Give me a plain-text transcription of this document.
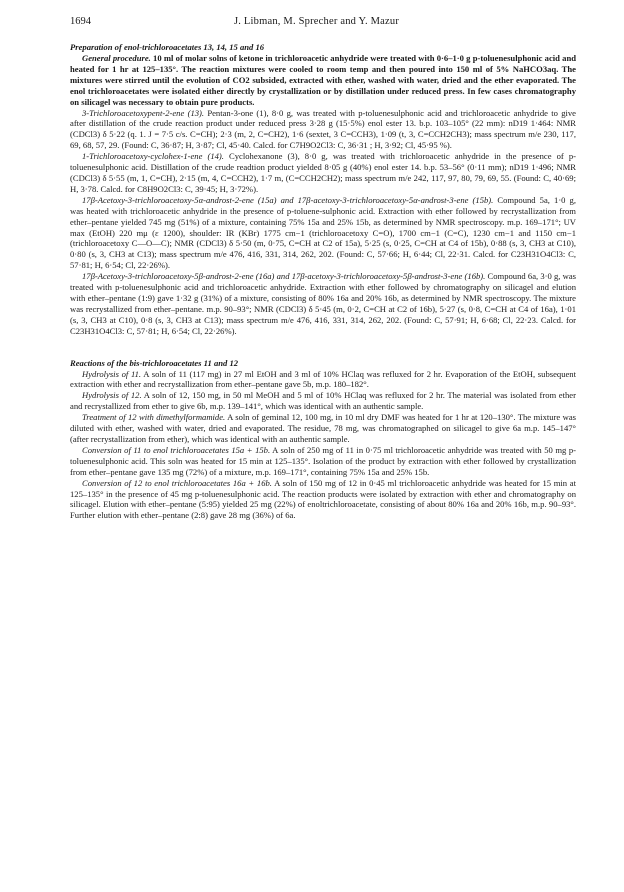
1694	J. Libman, M. Sprecher and Y. Mazur
Preparation of enol-trichloroacetates 13, 14, 15 and 16

General procedure. 10 ml of molar solns of ketone in trichloroacetic anhydride were treated with 0·6–1·0 g p-toluenesulphonic acid and heated for 1 hr at 125–135°. The reaction mixtures were cooled to room temp and then poured into 150 ml of 5% NaHCO3aq. The mixtures were stirred until the evolution of CO2 subsided, extracted with ether, washed with water, dried and the ether evaporated. The enol trichloroacetates were isolated either directly by crystallization or by distillation under reduced press. In few cases chromatography on silicagel was necessary to obtain pure products.

3-Trichloroacetoxypent-2-ene (13). Pentan-3-one (1), 8·0 g, was treated with p-toluenesulphonic acid and trichloroacetic anhydride to give after distillation of the crude reaction product under reduced press 3·28 g (15·5%) enol ester 13. b.p. 103–105° (22 mm): nD19 1·464: NMR (CDCl3) δ 5·22 (q. 1. J = 7·5 c/s. C=CH); 2·3 (m, 2, C=CH2), 1·6 (sextet, 3 C=CCH3), 1·09 (t, 3, C=CCH2CH3); mass spectrum m/e 230, 117, 69, 68, 57, 29. (Found: C, 36·87; H, 3·87; Cl, 45·40. Calcd. for C7H9O2Cl3: C, 36·31 ; H, 3·92; Cl, 45·95 %).

1-Trichloroacetoxy-cyclohex-1-ene (14). Cyclohexanone (3), 8·0 g, was treated with trichloroacetic anhydride in the presence of p-toluenesulphonic acid. Distillation of the crude readtion product yielded 8·05 g (40%) enol ester 14. b.p. 53–56° (0·11 mm); nD19 1·496; NMR (CDCl3) δ 5·55 (m, 1, C=CH), 2·15 (m, 4, C=CCH2), 1·7 m, (C=CCH2CH2); mass spectrum m/e 242, 117, 97, 80, 79, 69, 55. (Found: C, 40·69; H, 3·78. Calcd. for C8H9O2Cl3: C, 39·45; H, 3·72%).

17β-Acetoxy-3-trichloroacetoxy-5α-androst-2-ene (15a) and 17β-acetoxy-3-trichloroacetoxy-5α-androst-3-ene (15b). Compound 5a, 1·0 g, was heated with trichloroacetic anhydride in the presence of p-toluene-sulphonic acid. Extraction with ether followed by recrystallization from ether–pentane yielded 745 mg (51%) of a mixture, containing 75% 15a and 25% 15b, as determined by NMR spectroscopy. m.p. 169–171°; UV max (EtOH) 220 mμ (ε 1200), shoulder: IR (KBr) 1775 cm−1 (trichloroacetoxy C=O), 1700 cm−1 (C=C), 1230 cm−1 and 1150 cm−1 (trichloroacetoxy C—O—C); NMR (CDCl3) δ 5·50 (m, 0·75, C=CH at C2 of 15a), 5·25 (s, 0·25, C=CH at C4 of 15b), 0·88 (s, 3, CH3 at C10), 0·80 (s, 3, CH3 at C13); mass spectrum m/e 476, 416, 331, 314, 262, 202. (Found: C, 57·66; H, 6·44; Cl, 22·31. Calcd. for C23H31O4Cl3: C, 57·81; H, 6·54; Cl, 22·26%).

17β-Acetoxy-3-trichloroacetoxy-5β-androst-2-ene (16a) and 17β-acetoxy-3-trichloroacetoxy-5β-androst-3-ene (16b). Compound 6a, 3·0 g, was treated with p-toluenesulphonic acid and trichloroacetic anhydride. Extraction with ether followed by chromatography on silicagel and elution with ether–pentane (1:9) gave 1·32 g (31%) of a mixture, consisting of 80% 16a and 20% 16b, as determined by NMR spectroscopy. The mixture was recrystallized from ether–pentane. m.p. 90–93°; NMR (CDCl3) δ 5·45 (m, 0·2, C=CH at C2 of 16b), 5·27 (s, 0·8, C=CH at C4 of 16a), 1·01 (s, 3, CH3 at C10), 0·8 (s, 3, CH3 at C13); mass spectrum m/e 476, 416, 331, 314, 262, 202. (Found: C, 57·91; H, 6·68; Cl, 22·23. Calcd. for C23H31O4Cl3: C, 57·81; H, 6·54; Cl, 22·26%).

Reactions of the bis-trichloroacetates 11 and 12

Hydrolysis of 11. A soln of 11 (117 mg) in 27 ml EtOH and 3 ml of 10% HClaq was refluxed for 2 hr. Evaporation of the EtOH, subsequent extraction with ether and recrystallization from ether–pentane gave 5b, m.p. 180–182°.

Hydrolysis of 12. A soln of 12, 150 mg, in 50 ml MeOH and 5 ml of 10% HClaq was refluxed for 2 hr. The material was isolated from ether and recrystallized from ether to give 6b, m.p. 139–141°, which was identical with an authentic sample.

Treatment of 12 with dimethylformamide. A soln of geminal 12, 100 mg, in 10 ml dry DMF was heated for 1 hr at 120–130°. The mixture was diluted with ether, washed with water, dried and evaporated. The residue, 78 mg, was chromatographed on silicagel to give 6a m.p. 145–147° (after recrystallization from ether), which was identical with an authentic sample.

Conversion of 11 to enol trichloroacetates 15a + 15b. A soln of 250 mg of 11 in 0·75 ml trichloroacetic anhydride was treated with 50 mg p-toluenesulphonic acid. This soln was heated for 15 min at 125–135°. Isolation of the product by extraction with ether followed by crystallization from ether–pentane gave 135 mg (72%) of a mixture, m.p. 169–171°, containing 75% 15a and 25% 15b.

Conversion of 12 to enol trichloroacetates 16a + 16b. A soln of 150 mg of 12 in 0·45 ml trichloroacetic anhydride was heated for 15 min at 125–135° in the presence of 45 mg p-toluenesulphonic acid. The reaction products were isolated by extraction with ether and chromatography on silicagel. Elution with ether–pentane (5:95) yielded 25 mg (22%) of enoltrichloroacetate, consisting of about 80% 16a and 20% 16b, m.p. 90–93°. Further elution with ether–pentane (2:8) gave 28 mg (36%) of 6a.
